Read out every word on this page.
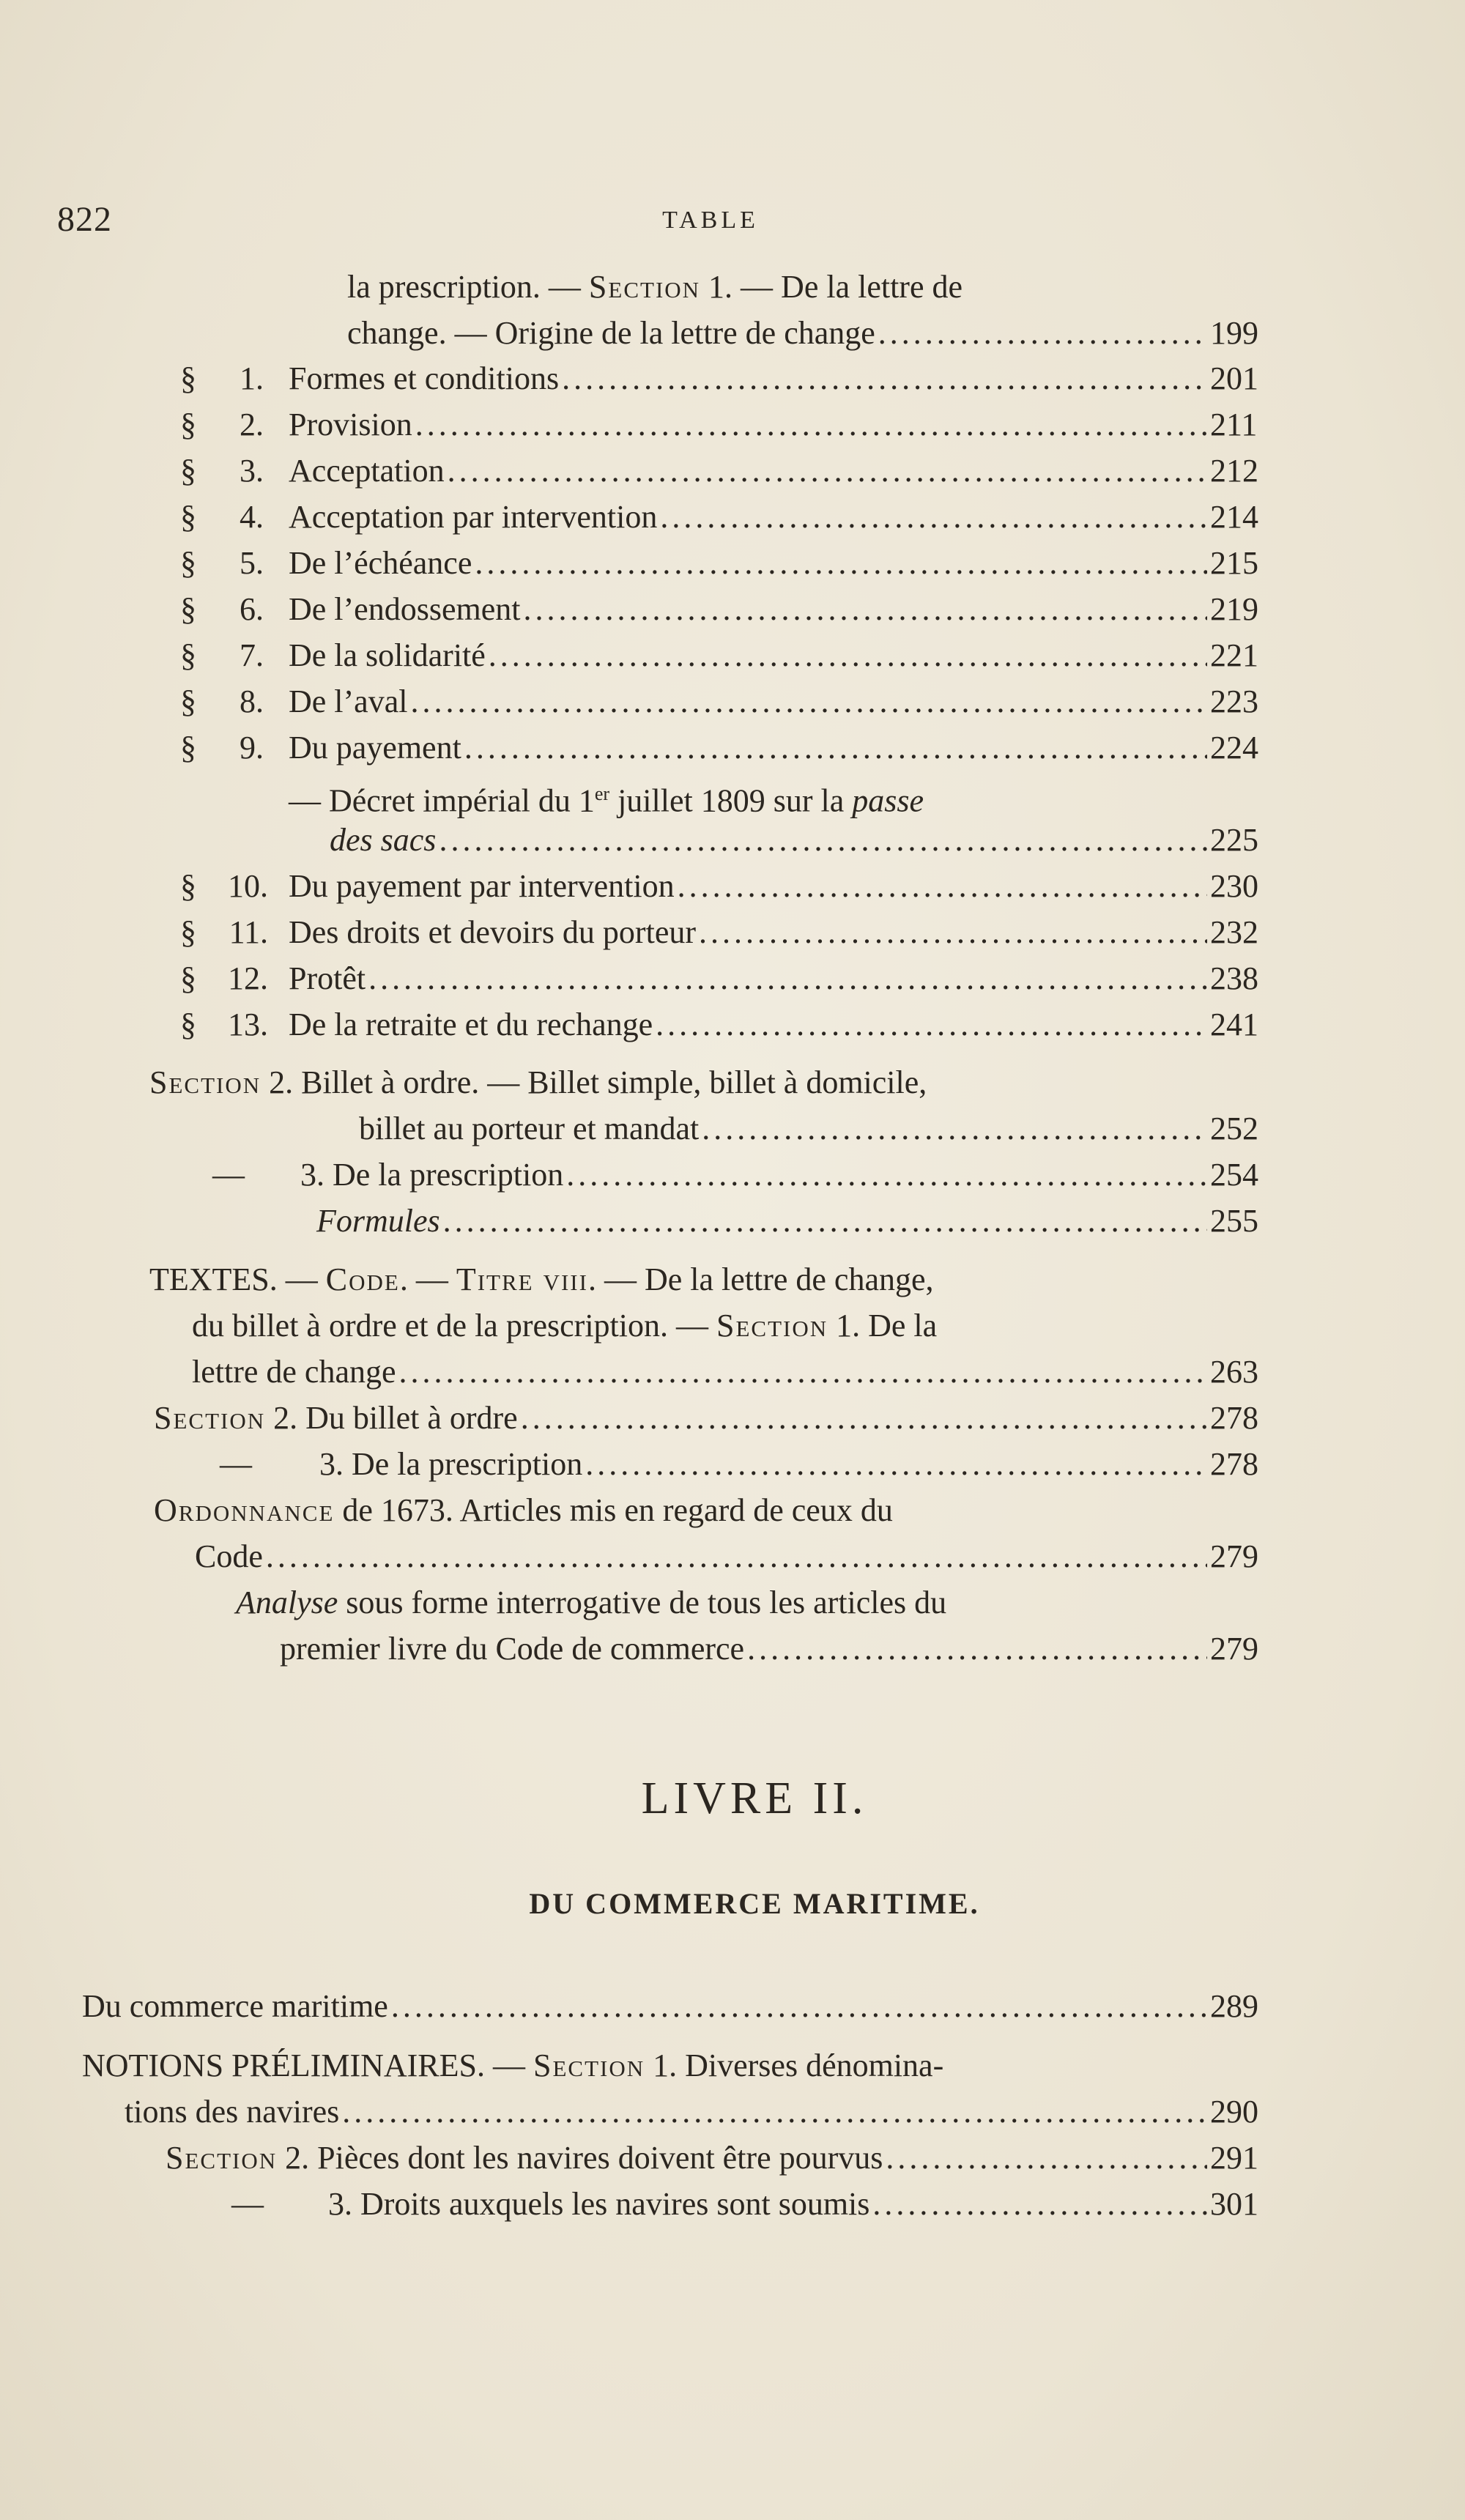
822	TABLE
la prescription. — Section 1. — De la lettre de
change. — Origine de la lettre de change .....	199
§	1. Formes et conditions .....	201
§	2. Provision .....	211
§	3. Acceptation .....	212
§	4. Acceptation par intervention .....	214
§	5. De l’échéance .....	215
§	6. De l’endossement .....	219
§	7. De la solidarité .....	221
§	8. De l’aval .....	223
§	9. Du payement .....	224
— Décret impérial du 1er juillet 1809 sur la passe
des sacs .....	225
§ 10. Du payement par intervention .....	230
§ 11. Des droits et devoirs du porteur .....	232
§ 12. Protêt .....	238
§ 13. De la retraite et du rechange .....	241
Section 2. Billet à ordre. — Billet simple, billet à domicile,
billet au porteur et mandat .....	252
— 3. De la prescription .....	254
Formules .....	255
TEXTES. — Code. — Titre viii. — De la lettre de change,
du billet à ordre et de la prescription. — Section 1. De la
lettre de change .....	263
Section 2. Du billet à ordre .....	278
— 3. De la prescription .....	278
Ordonnance de 1673. Articles mis en regard de ceux du
Code .....	279
Analyse sous forme interrogative de tous les articles du
premier livre du Code de commerce .....	279
LIVRE II.
DU COMMERCE MARITIME.
Du commerce maritime .....	289
NOTIONS PRÉLIMINAIRES. — Section 1. Diverses dénomina-
tions des navires .....	290
Section 2. Pièces dont les navires doivent être pourvus .....	291
— 3. Droits auxquels les navires sont soumis .....	301
